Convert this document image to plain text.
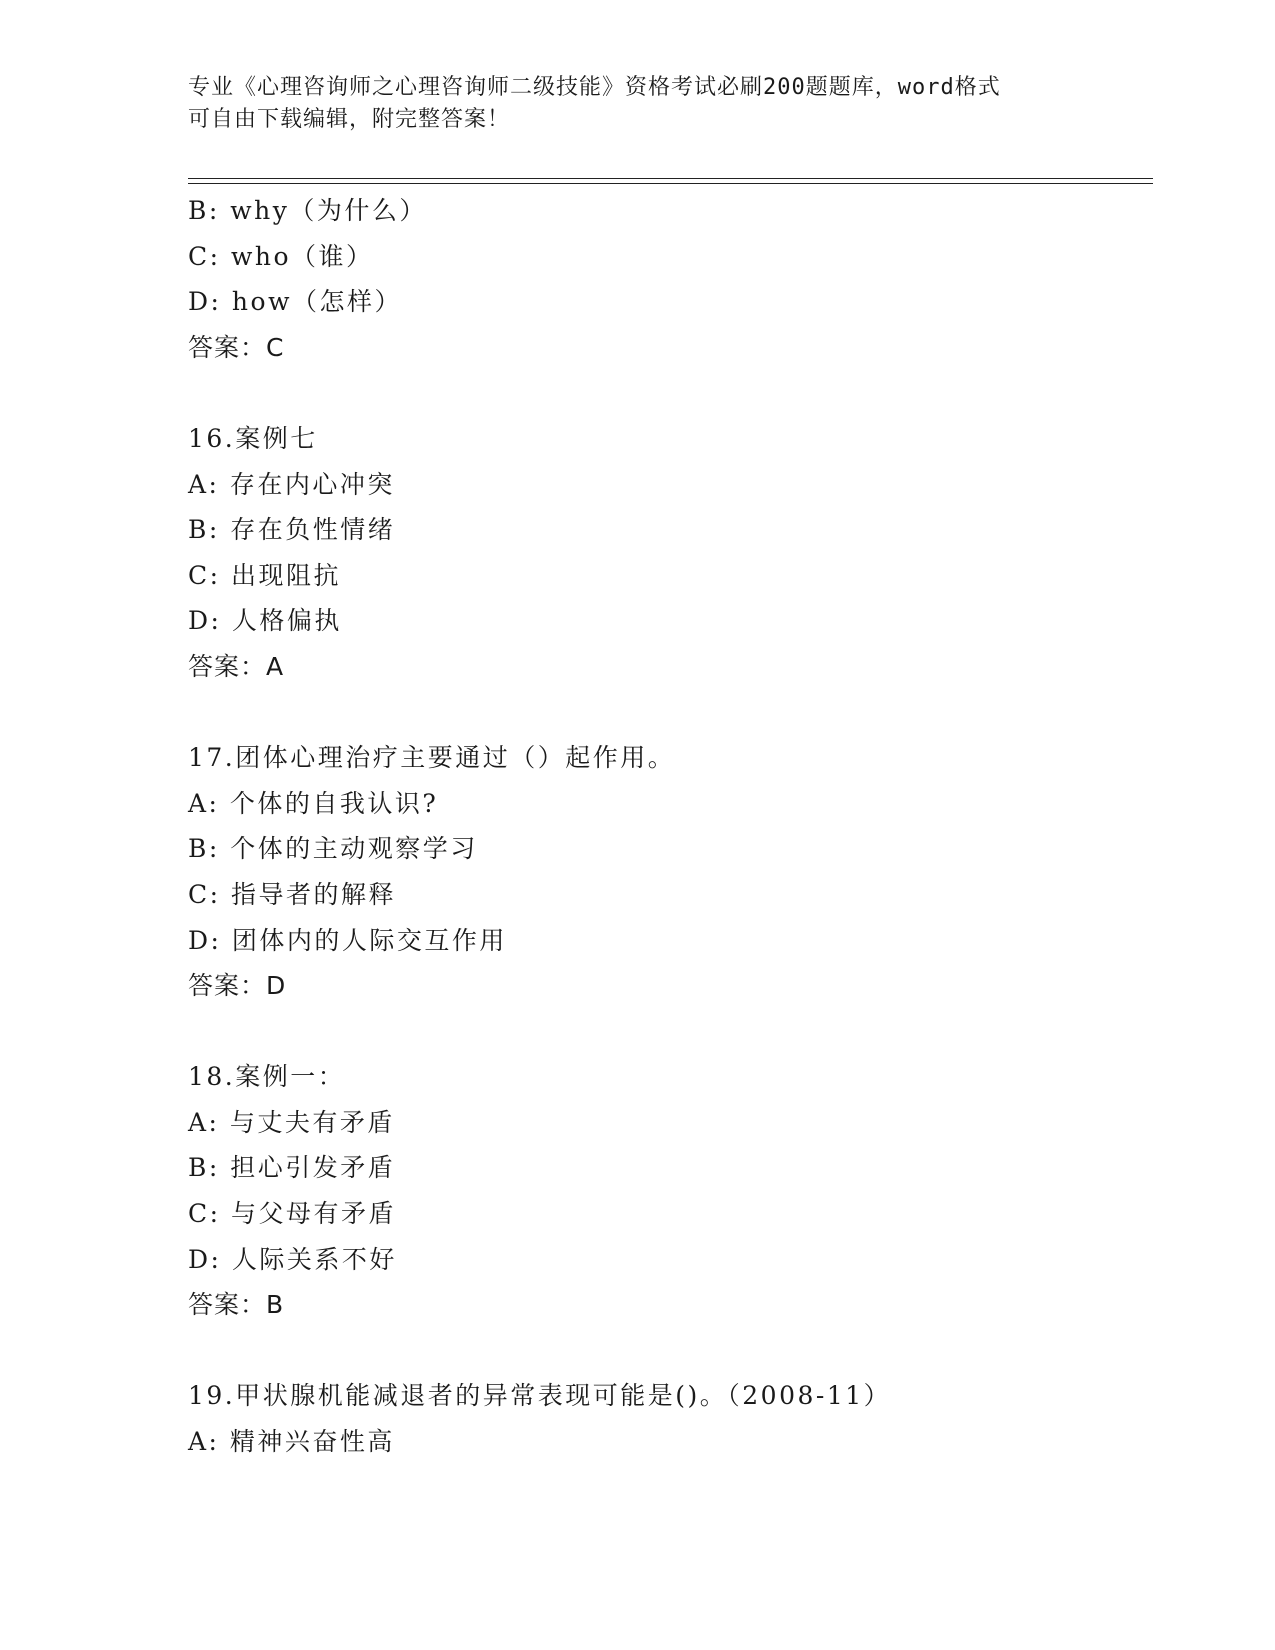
专业《心理咨询师之心理咨询师二级技能》资格考试必刷200题题库，word格式
可自由下载编辑，附完整答案！
B: why（为什么）
C: who（谁）
D: how（怎样）
答案：C
16.案例七
A: 存在内心冲突
B: 存在负性情绪
C: 出现阻抗
D: 人格偏执
答案：A
17.团体心理治疗主要通过（）起作用。
A: 个体的自我认识?
B: 个体的主动观察学习
C: 指导者的解释
D: 团体内的人际交互作用
答案：D
18.案例一：
A: 与丈夫有矛盾
B: 担心引发矛盾
C: 与父母有矛盾
D: 人际关系不好
答案：B
19.甲状腺机能减退者的异常表现可能是()。（2008-11）
A: 精神兴奋性高
